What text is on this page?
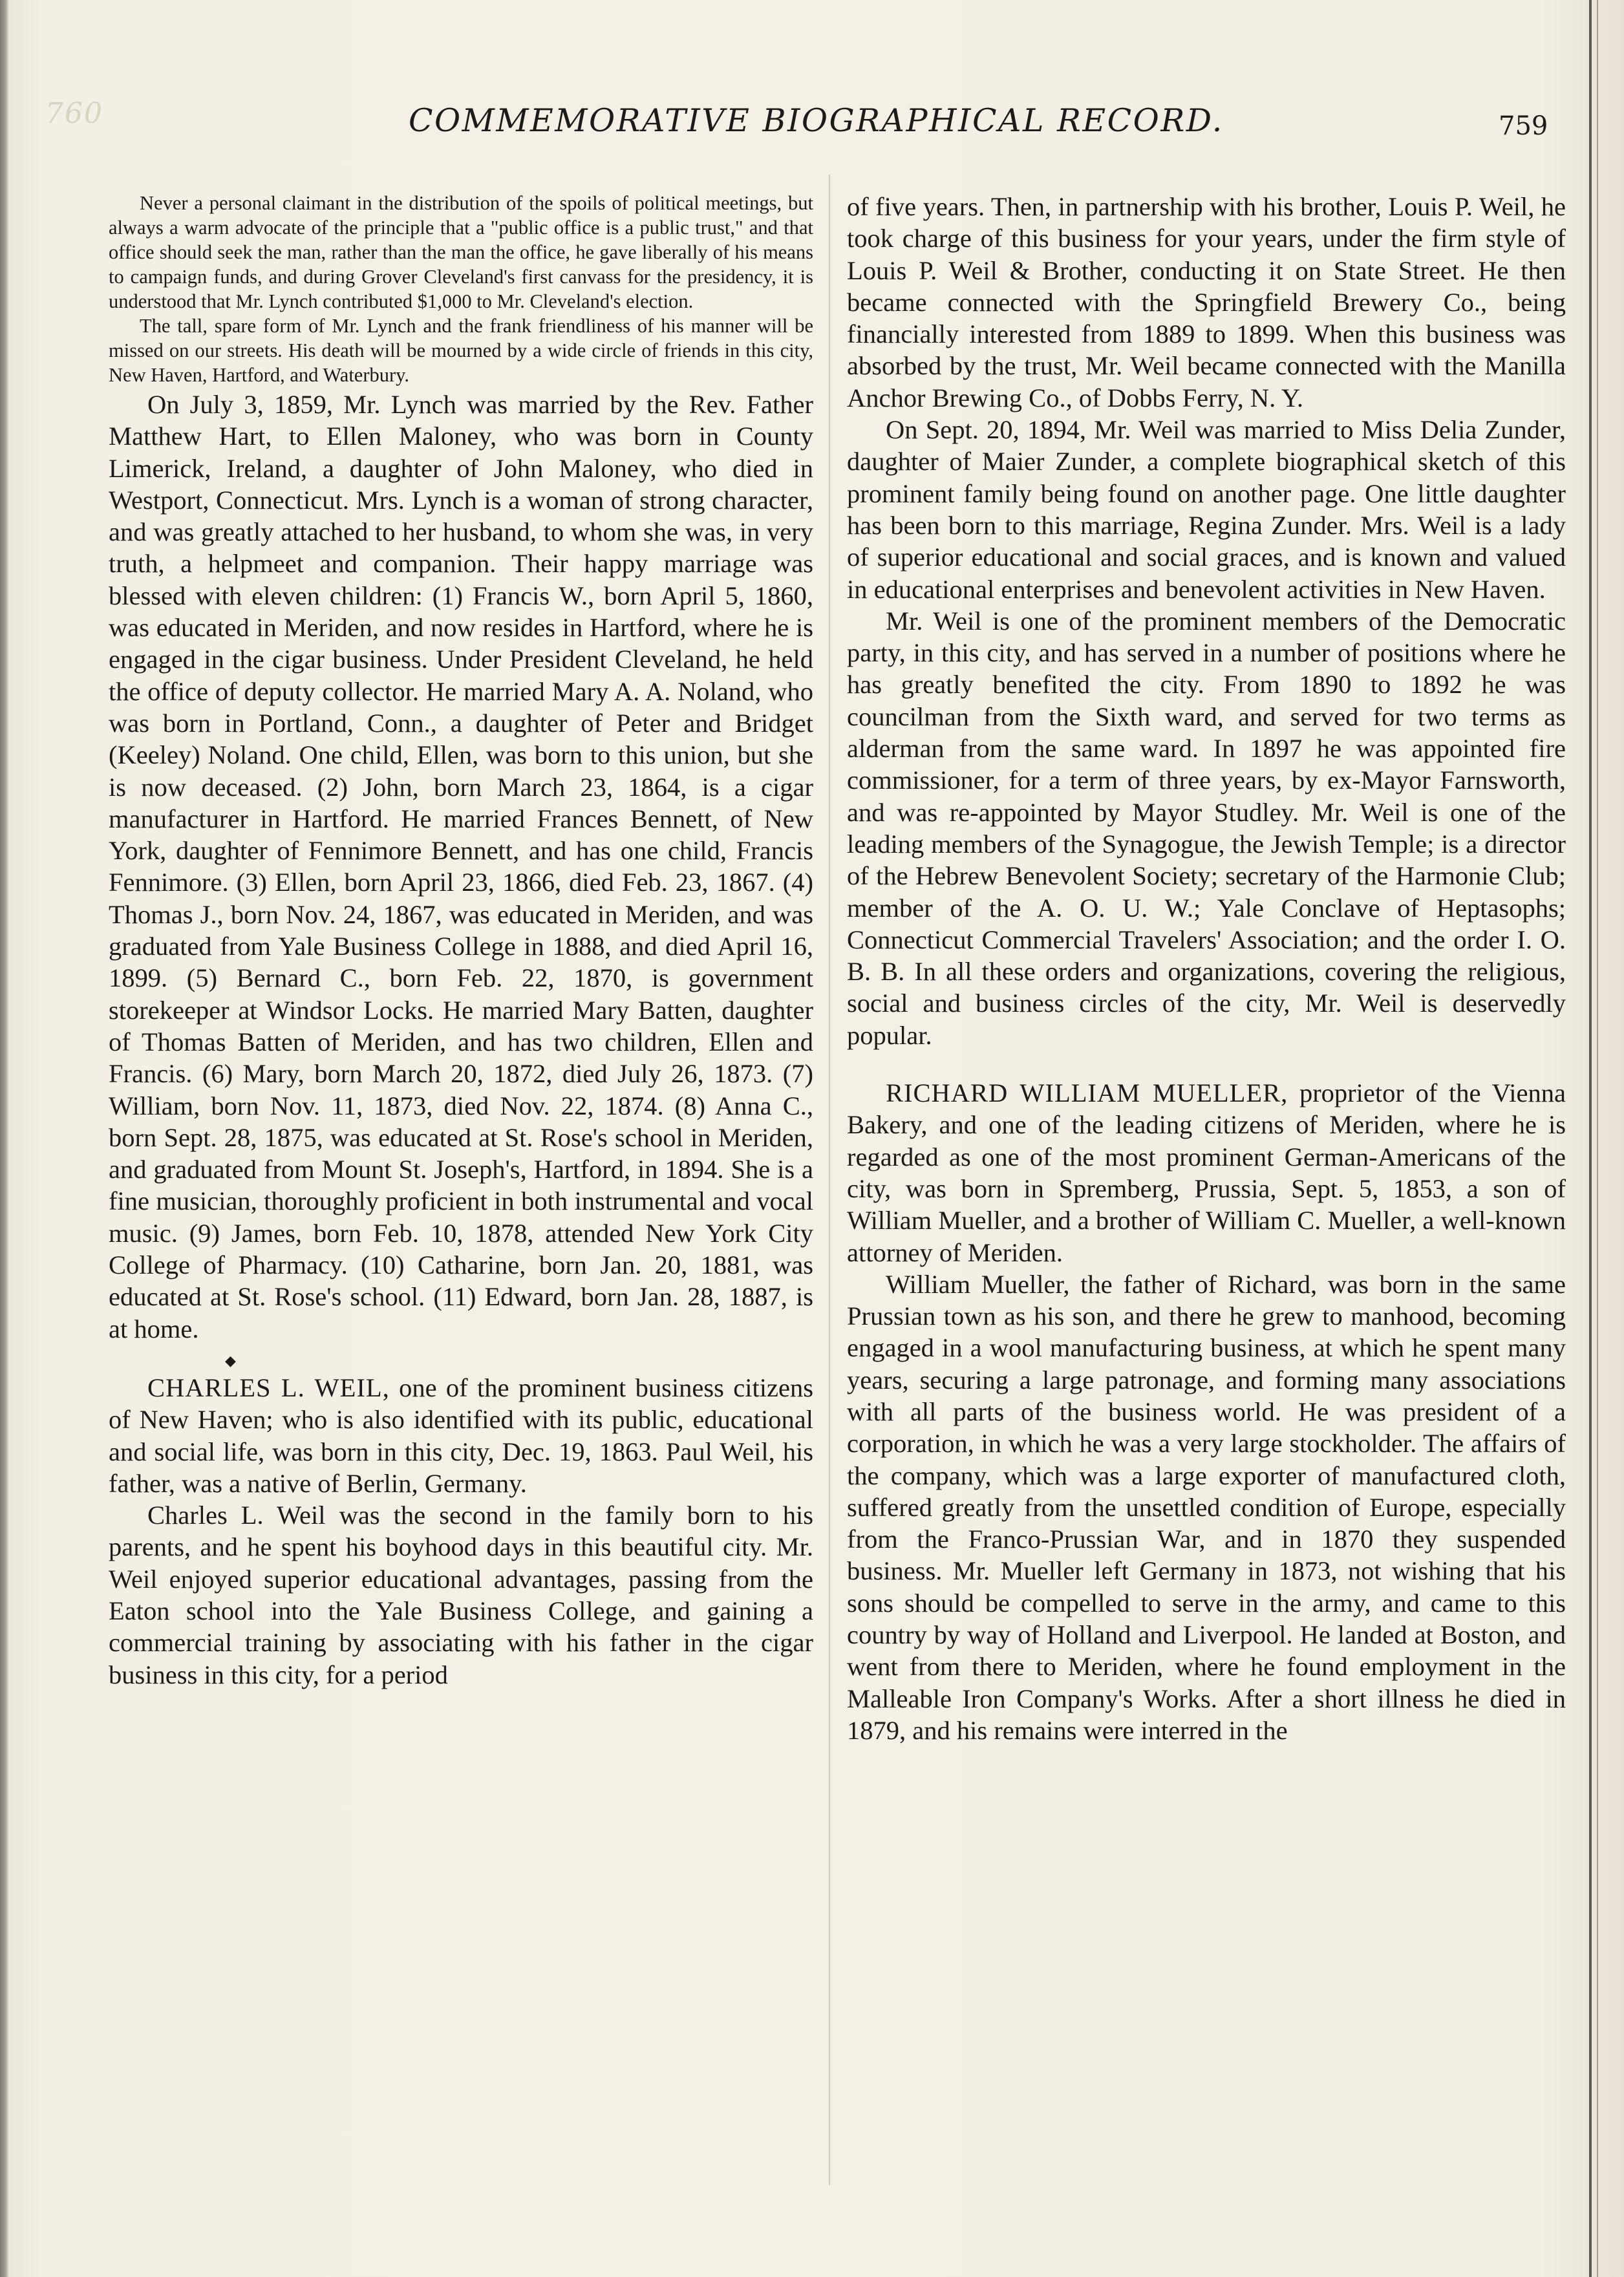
760	COMMEMORATIVE BIOGRAPHICAL RECORD.	759

Never a personal claimant in the distribution of the spoils of political meetings, but always a warm advocate of the principle that a "public office is a public trust," and that office should seek the man, rather than the man the office, he gave liberally of his means to campaign funds, and during Grover Cleveland's first canvass for the presidency, it is understood that Mr. Lynch contributed $1,000 to Mr. Cleveland's election.

The tall, spare form of Mr. Lynch and the frank friendliness of his manner will be missed on our streets. His death will be mourned by a wide circle of friends in this city, New Haven, Hartford, and Waterbury.

On July 3, 1859, Mr. Lynch was married by the Rev. Father Matthew Hart, to Ellen Maloney, who was born in County Limerick, Ireland, a daughter of John Maloney, who died in Westport, Connecticut. Mrs. Lynch is a woman of strong character, and was greatly attached to her husband, to whom she was, in very truth, a helpmeet and companion. Their happy marriage was blessed with eleven children: (1) Francis W., born April 5, 1860, was educated in Meriden, and now resides in Hartford, where he is engaged in the cigar business. Under President Cleveland, he held the office of deputy collector. He married Mary A. A. Noland, who was born in Portland, Conn., a daughter of Peter and Bridget (Keeley) Noland. One child, Ellen, was born to this union, but she is now deceased. (2) John, born March 23, 1864, is a cigar manufacturer in Hartford. He married Frances Bennett, of New York, daughter of Fennimore Bennett, and has one child, Francis Fennimore. (3) Ellen, born April 23, 1866, died Feb. 23, 1867. (4) Thomas J., born Nov. 24, 1867, was educated in Meriden, and was graduated from Yale Business College in 1888, and died April 16, 1899. (5) Bernard C., born Feb. 22, 1870, is government storekeeper at Windsor Locks. He married Mary Batten, daughter of Thomas Batten of Meriden, and has two children, Ellen and Francis. (6) Mary, born March 20, 1872, died July 26, 1873. (7) William, born Nov. 11, 1873, died Nov. 22, 1874. (8) Anna C., born Sept. 28, 1875, was educated at St. Rose's school in Meriden, and graduated from Mount St. Joseph's, Hartford, in 1894. She is a fine musician, thoroughly proficient in both instrumental and vocal music. (9) James, born Feb. 10, 1878, attended New York City College of Pharmacy. (10) Catharine, born Jan. 20, 1881, was educated at St. Rose's school. (11) Edward, born Jan. 28, 1887, is at home.

◆

CHARLES L. WEIL, one of the prominent business citizens of New Haven; who is also identified with its public, educational and social life, was born in this city, Dec. 19, 1863. Paul Weil, his father, was a native of Berlin, Germany.

Charles L. Weil was the second in the family born to his parents, and he spent his boyhood days in this beautiful city. Mr. Weil enjoyed superior educational advantages, passing from the Eaton school into the Yale Business College, and gaining a commercial training by associating with his father in the cigar business in this city, for a period

of five years. Then, in partnership with his brother, Louis P. Weil, he took charge of this business for your years, under the firm style of Louis P. Weil & Brother, conducting it on State Street. He then became connected with the Springfield Brewery Co., being financially interested from 1889 to 1899. When this business was absorbed by the trust, Mr. Weil became connected with the Manilla Anchor Brewing Co., of Dobbs Ferry, N. Y.

On Sept. 20, 1894, Mr. Weil was married to Miss Delia Zunder, daughter of Maier Zunder, a complete biographical sketch of this prominent family being found on another page. One little daughter has been born to this marriage, Regina Zunder. Mrs. Weil is a lady of superior educational and social graces, and is known and valued in educational enterprises and benevolent activities in New Haven.

Mr. Weil is one of the prominent members of the Democratic party, in this city, and has served in a number of positions where he has greatly benefited the city. From 1890 to 1892 he was councilman from the Sixth ward, and served for two terms as alderman from the same ward. In 1897 he was appointed fire commissioner, for a term of three years, by ex-Mayor Farnsworth, and was re-appointed by Mayor Studley. Mr. Weil is one of the leading members of the Synagogue, the Jewish Temple; is a director of the Hebrew Benevolent Society; secretary of the Harmonie Club; member of the A. O. U. W.; Yale Conclave of Heptasophs; Connecticut Commercial Travelers' Association; and the order I. O. B. B. In all these orders and organizations, covering the religious, social and business circles of the city, Mr. Weil is deservedly popular.

RICHARD WILLIAM MUELLER, proprietor of the Vienna Bakery, and one of the leading citizens of Meriden, where he is regarded as one of the most prominent German-Americans of the city, was born in Spremberg, Prussia, Sept. 5, 1853, a son of William Mueller, and a brother of William C. Mueller, a well-known attorney of Meriden.

William Mueller, the father of Richard, was born in the same Prussian town as his son, and there he grew to manhood, becoming engaged in a wool manufacturing business, at which he spent many years, securing a large patronage, and forming many associations with all parts of the business world. He was president of a corporation, in which he was a very large stockholder. The affairs of the company, which was a large exporter of manufactured cloth, suffered greatly from the unsettled condition of Europe, especially from the Franco-Prussian War, and in 1870 they suspended business. Mr. Mueller left Germany in 1873, not wishing that his sons should be compelled to serve in the army, and came to this country by way of Holland and Liverpool. He landed at Boston, and went from there to Meriden, where he found employment in the Malleable Iron Company's Works. After a short illness he died in 1879, and his remains were interred in the
